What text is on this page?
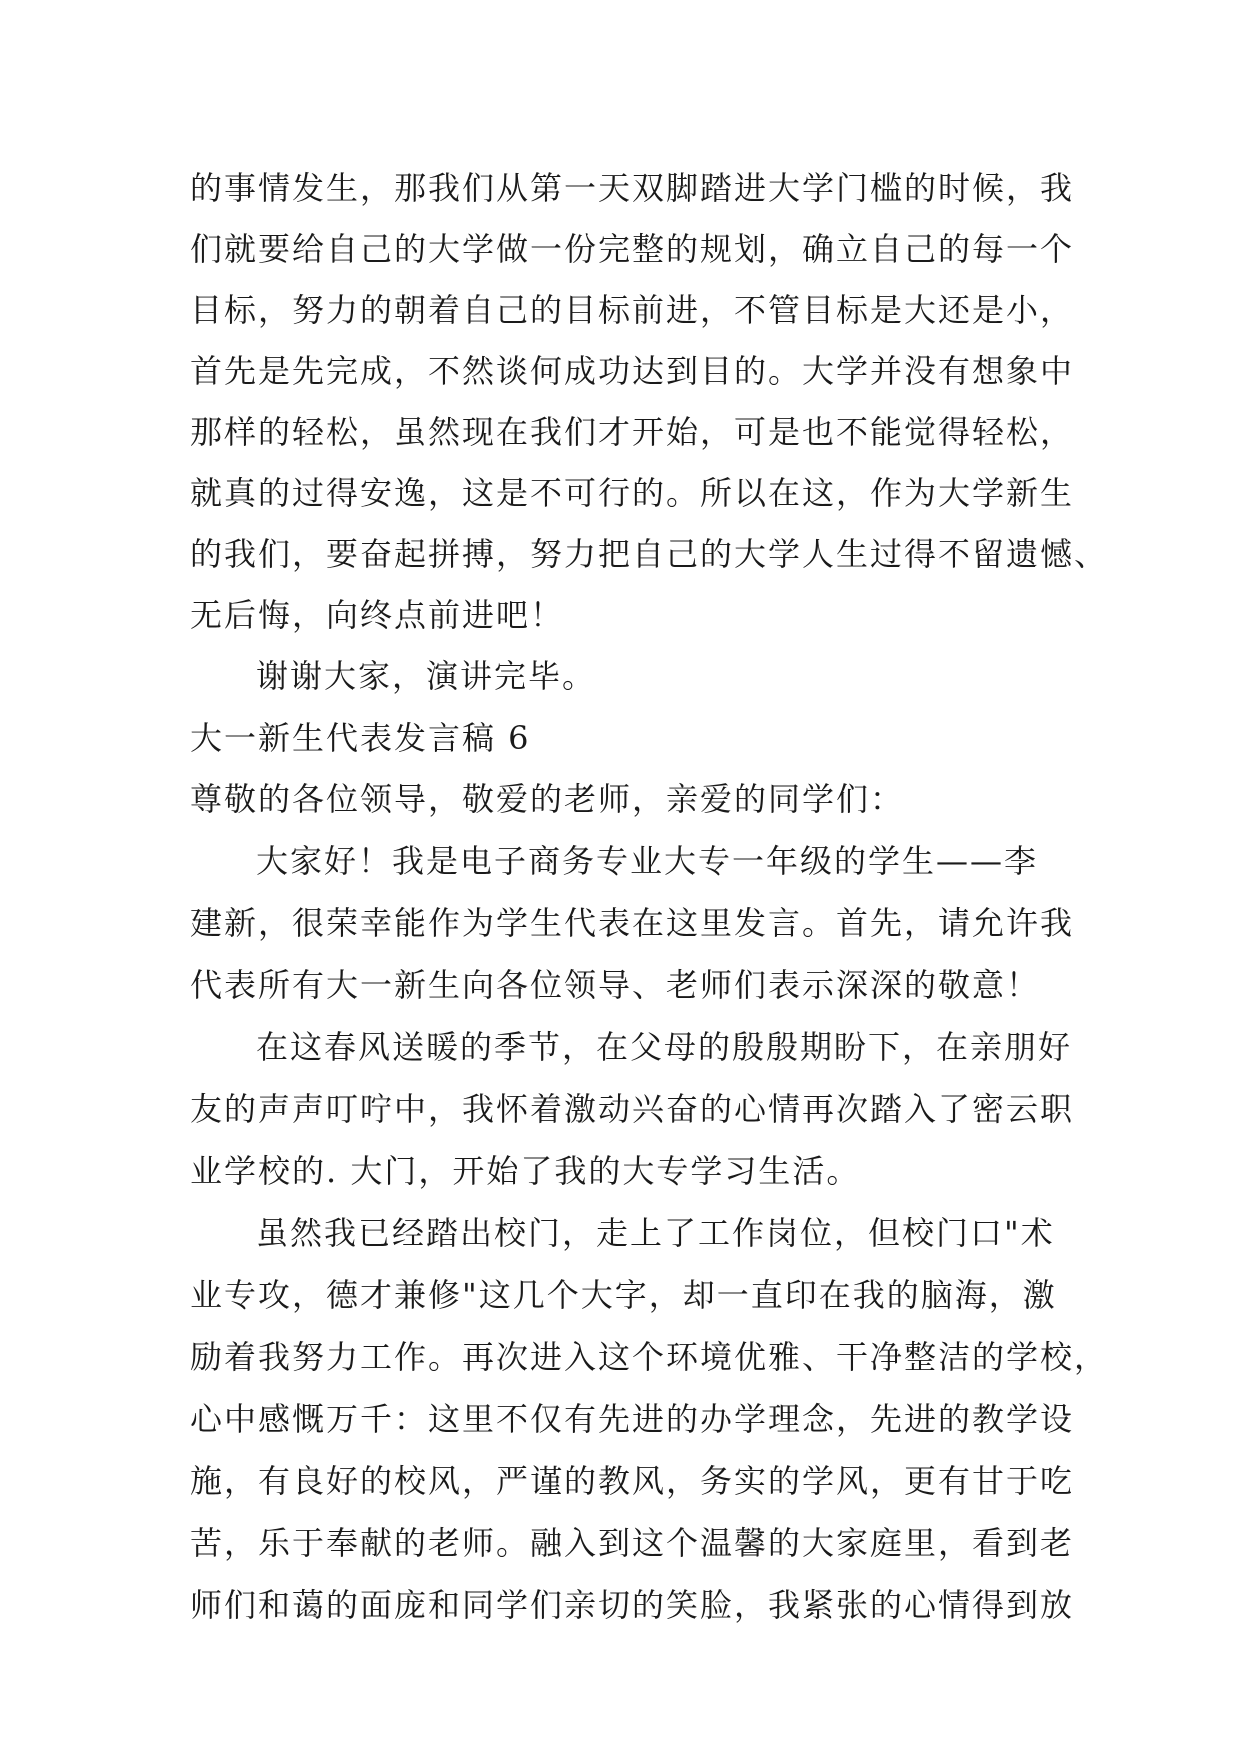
的事情发生，那我们从第一天双脚踏进大学门槛的时候，我
们就要给自己的大学做一份完整的规划，确立自己的每一个
目标，努力的朝着自己的目标前进，不管目标是大还是小，
首先是先完成，不然谈何成功达到目的。大学并没有想象中
那样的轻松，虽然现在我们才开始，可是也不能觉得轻松，
就真的过得安逸，这是不可行的。所以在这，作为大学新生
的我们，要奋起拼搏，努力把自己的大学人生过得不留遗憾、
无后悔，向终点前进吧！
谢谢大家，演讲完毕。
大一新生代表发言稿 6
尊敬的各位领导，敬爱的老师，亲爱的同学们：
大家好！我是电子商务专业大专一年级的学生——李
建新，很荣幸能作为学生代表在这里发言。首先，请允许我
代表所有大一新生向各位领导、老师们表示深深的敬意！
在这春风送暖的季节，在父母的殷殷期盼下，在亲朋好
友的声声叮咛中，我怀着激动兴奋的心情再次踏入了密云职
业学校的. 大门，开始了我的大专学习生活。
虽然我已经踏出校门，走上了工作岗位，但校门口"术
业专攻，德才兼修"这几个大字，却一直印在我的脑海，激
励着我努力工作。再次进入这个环境优雅、干净整洁的学校，
心中感慨万千：这里不仅有先进的办学理念，先进的教学设
施，有良好的校风，严谨的教风，务实的学风，更有甘于吃
苦，乐于奉献的老师。融入到这个温馨的大家庭里，看到老
师们和蔼的面庞和同学们亲切的笑脸，我紧张的心情得到放
